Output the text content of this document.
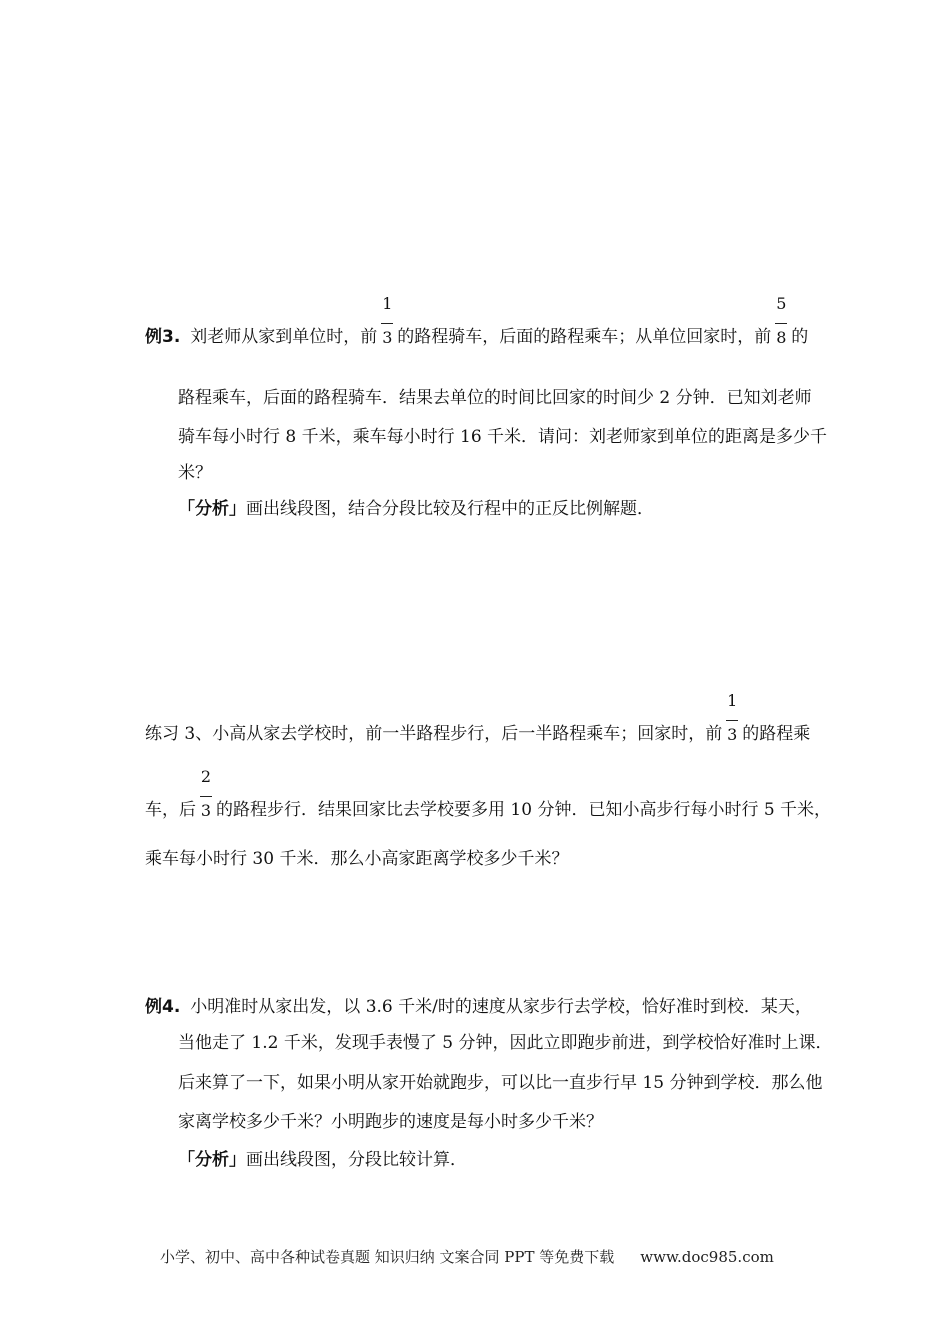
例3. 刘老师从家到单位时，前 $\frac{1}{3}$ 的路程骑车，后面的路程乘车；从单位回家时，前 $\frac{5}{8}$ 的
路程乘车，后面的路程骑车．结果去单位的时间比回家的时间少 2 分钟．已知刘老师
骑车每小时行 8 千米，乘车每小时行 16 千米．请问：刘老师家到单位的距离是多少千
米？
「分析」画出线段图，结合分段比较及行程中的正反比例解题．
练习 3、小高从家去学校时，前一半路程步行，后一半路程乘车；回家时，前 $\frac{1}{3}$ 的路程乘
车，后 $\frac{2}{3}$ 的路程步行．结果回家比去学校要多用 10 分钟．已知小高步行每小时行 5 千米，
乘车每小时行 30 千米．那么小高家距离学校多少千米？
例4. 小明准时从家出发，以 3.6 千米/时的速度从家步行去学校，恰好准时到校．某天，
当他走了 1.2 千米，发现手表慢了 5 分钟，因此立即跑步前进，到学校恰好准时上课．
后来算了一下，如果小明从家开始就跑步，可以比一直步行早 15 分钟到学校．那么他
家离学校多少千米？小明跑步的速度是每小时多少千米？
「分析」画出线段图，分段比较计算．
小学、初中、高中各种试卷真题 知识归纳 文案合同 PPT 等免费下载 www.doc985.com
